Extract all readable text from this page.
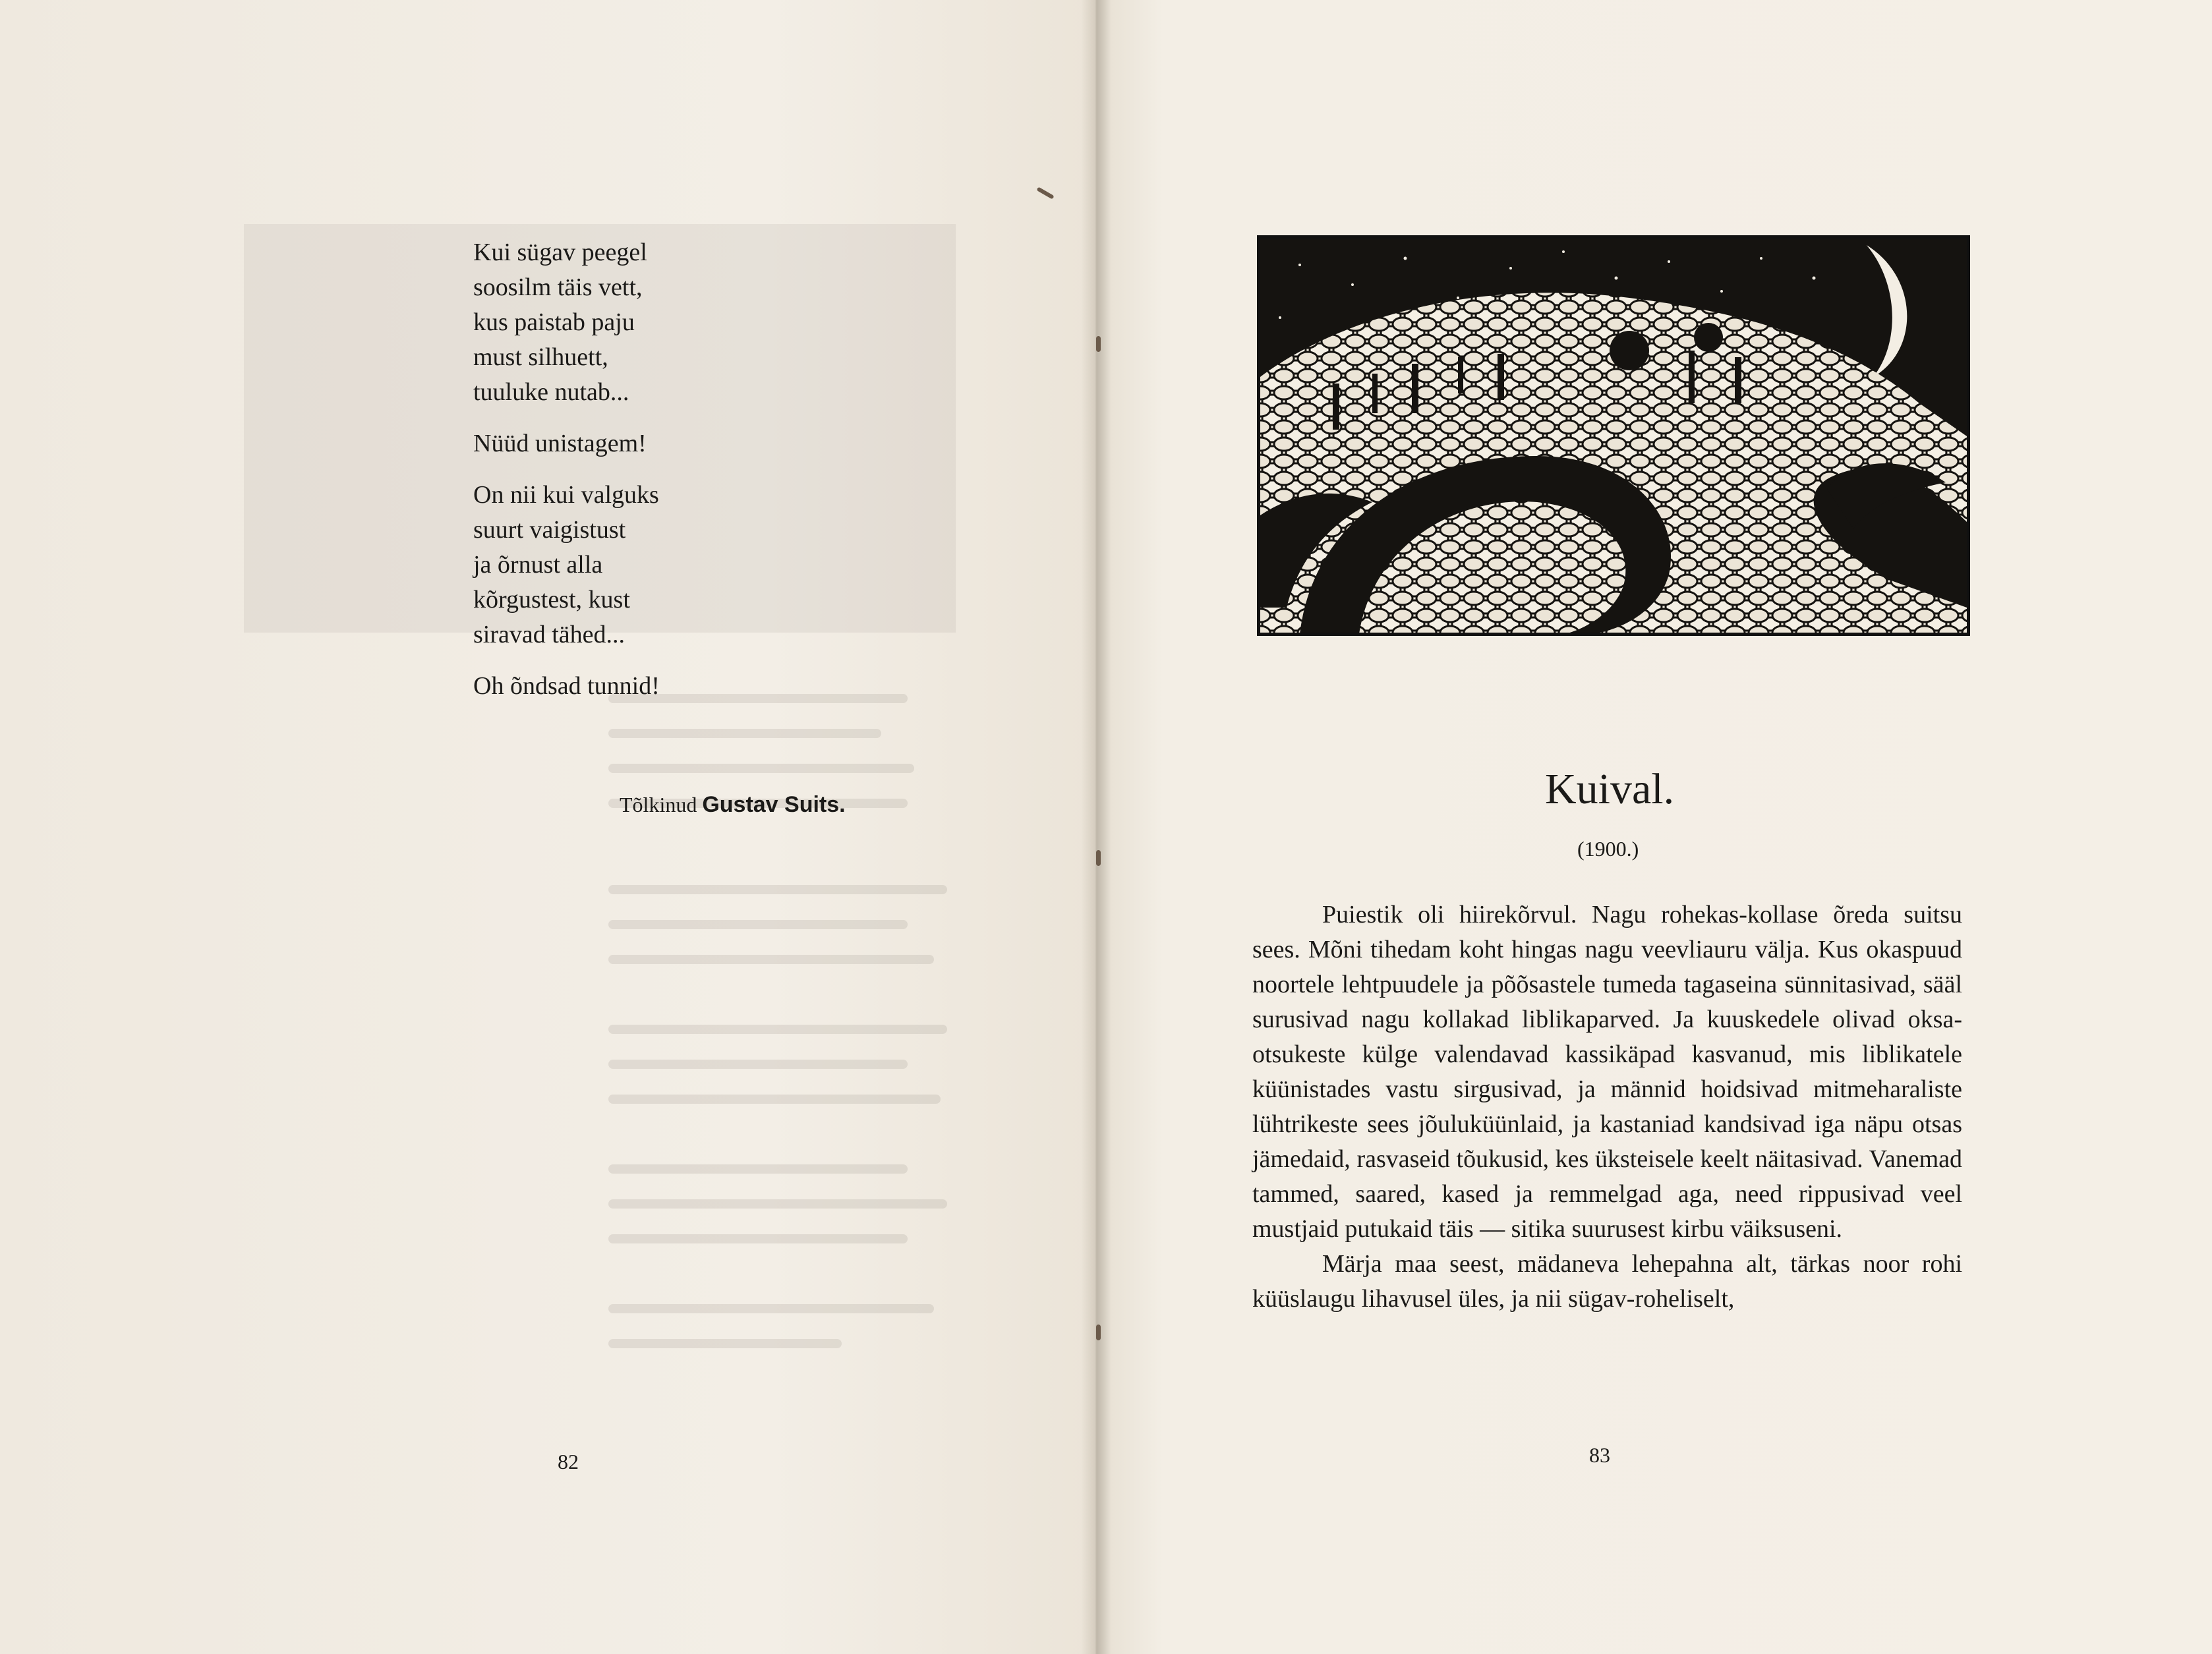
Kui sügav peegel
soosilm täis vett,
kus paistab paju
must silhuett,
tuuluke nutab...
Nüüd unistagem!
On nii kui valguks
suurt vaigistust
ja õrnust alla
kõrgustest, kust
siravad tähed...
Oh õndsad tunnid!
Tõlkinud Gustav Suits.
82
Kuival.
(1900.)

Puiestik oli hiirekõrvul. Nagu rohekas-kollase õreda suitsu sees. Mõni tihedam koht hingas nagu veevliauru välja. Kus okaspuud noortele lehtpuudele ja põõsastele tumeda tagaseina sünnitasivad, sääl surusivad nagu kollakad liblikaparved. Ja kuuskedele olivad oksa-otsukeste külge valendavad kassikäpad kasvanud, mis liblikatele küünistades vastu sirgusivad, ja männid hoidsivad mitmeharaliste lühtrikeste sees jõuluküünlaid, ja kastaniad kandsivad iga näpu otsas jämedaid, rasvaseid tõukusid, kes üksteisele keelt näitasivad. Vanemad tammed, saared, kased ja remmelgad aga, need rippusivad veel mustjaid putukaid täis — sitika suurusest kirbu väiksuseni.

Märja maa seest, mädaneva lehepahna alt, tärkas noor rohi küüslaugu lihavusel üles, ja nii sügav-roheliselt,

83
